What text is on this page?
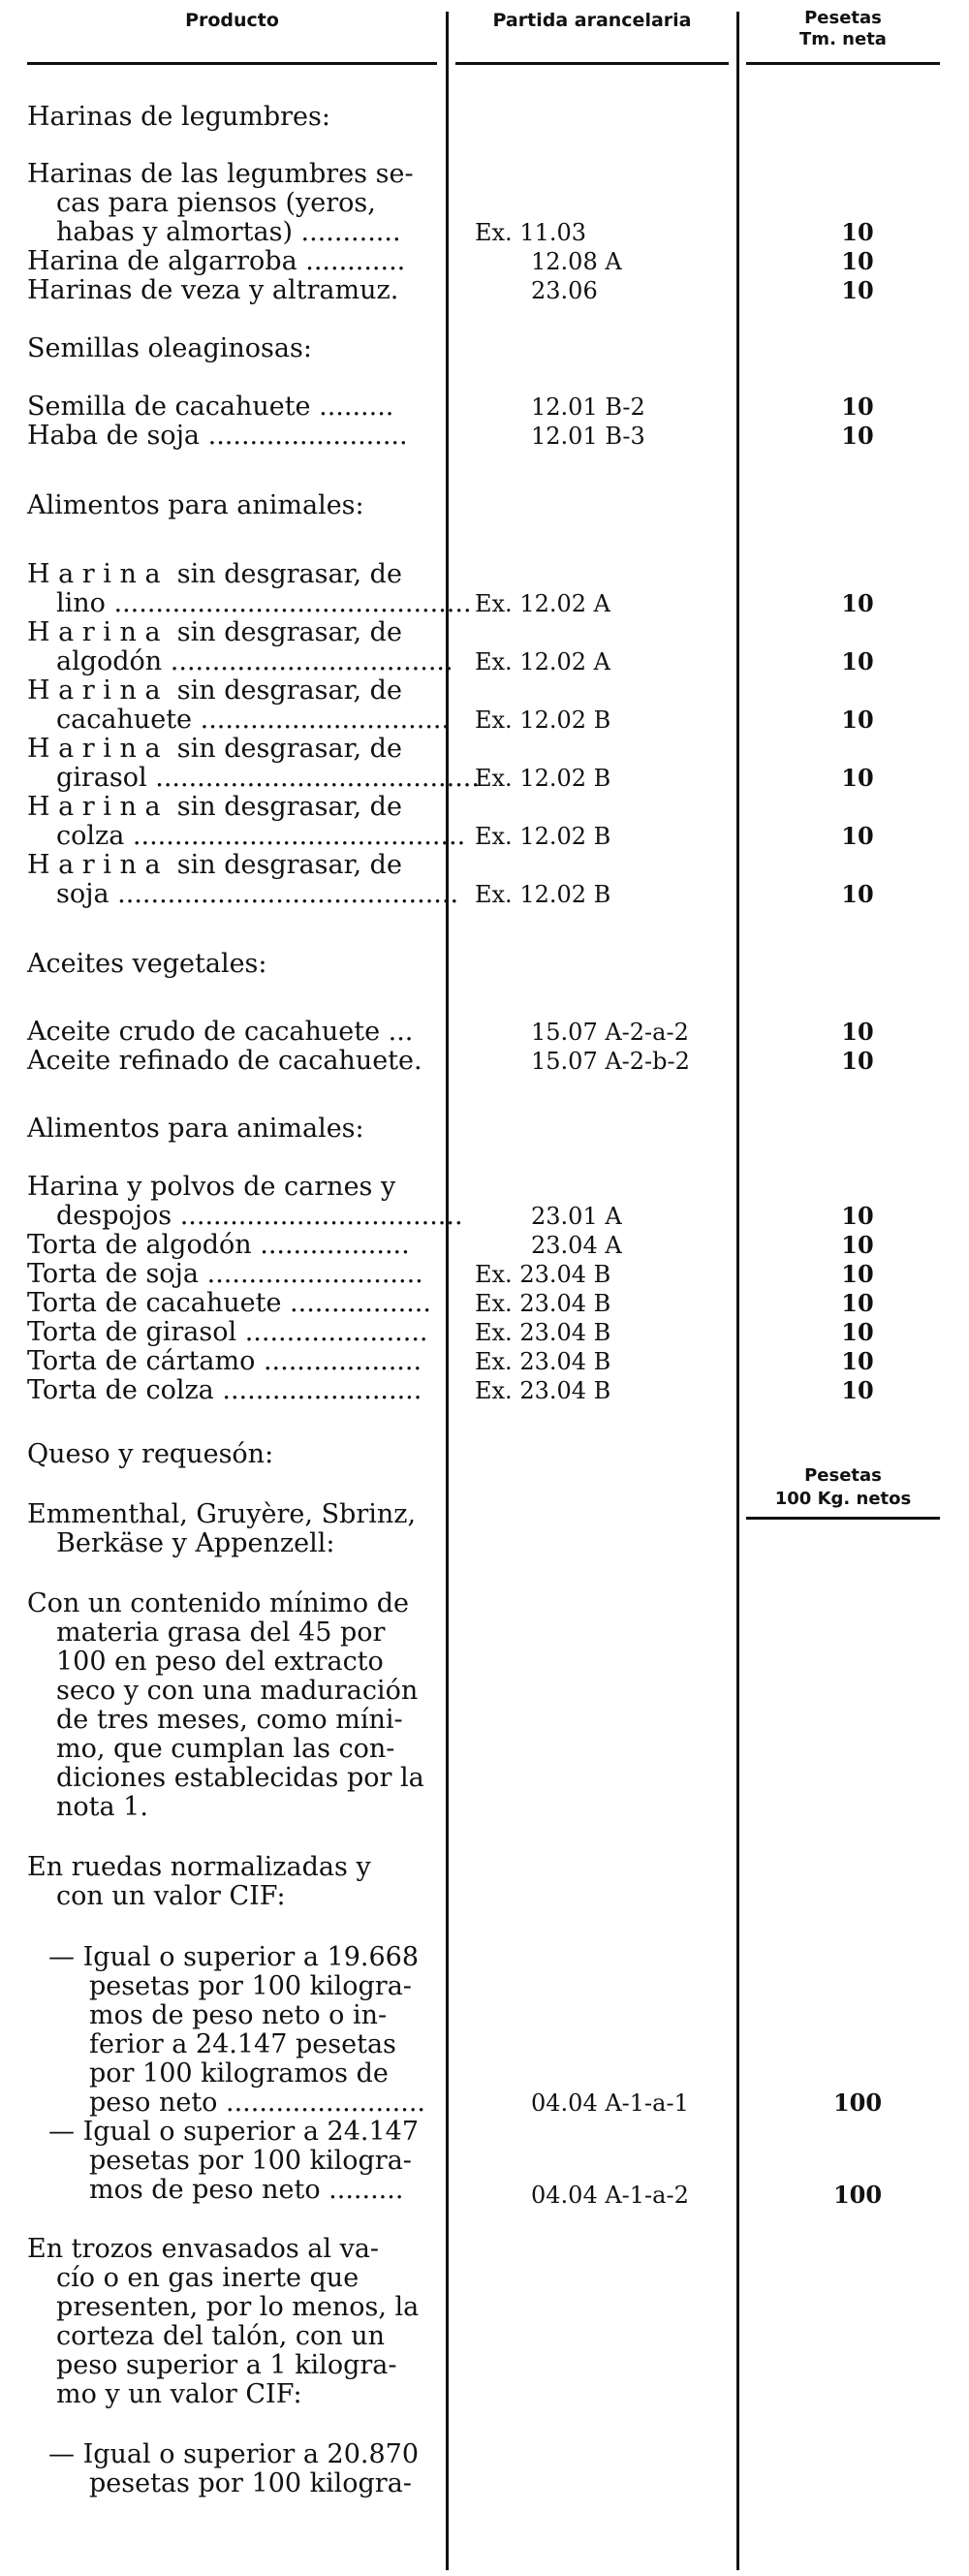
Producto	Partida arancelaria	Pesetas
Tm. neta
Pesetas
100 Kg. netos
Harinas de legumbres:
Harinas de las legumbres se-
cas para piensos (yeros,
habas y almortas) ............
Harina de algarroba ............
Harinas de veza y altramuz.
Semillas oleaginosas:
Semilla de cacahuete .........
Haba de soja ........................
Alimentos para animales:
H a r i n a  sin desgrasar, de
lino ...........................................
H a r i n a  sin desgrasar, de
algodón ..................................
H a r i n a  sin desgrasar, de
cacahuete ..............................
H a r i n a  sin desgrasar, de
girasol .......................................
H a r i n a  sin desgrasar, de
colza ........................................
H a r i n a  sin desgrasar, de
soja .........................................
Aceites vegetales:
Aceite crudo de cacahuete ...
Aceite refinado de cacahuete.
Alimentos para animales:
Harina y polvos de carnes y
despojos ..................................
Torta de algodón ..................
Torta de soja ..........................
Torta de cacahuete .................
Torta de girasol ......................
Torta de cártamo ...................
Torta de colza ........................
Queso y requesón:
Emmenthal, Gruyère, Sbrinz,
Berkäse y Appenzell:
Con un contenido mínimo de
materia grasa del 45 por
100 en peso del extracto
seco y con una maduración
de tres meses, como míni-
mo, que cumplan las con-
diciones establecidas por la
nota 1.
En ruedas normalizadas y
con un valor CIF:
— Igual o superior a 19.668
pesetas por 100 kilogra-
mos de peso neto o in-
ferior a 24.147 pesetas
por 100 kilogramos de
peso neto ........................
— Igual o superior a 24.147
pesetas por 100 kilogra-
mos de peso neto .........
En trozos envasados al va-
cío o en gas inerte que
presenten, por lo menos, la
corteza del talón, con un
peso superior a 1 kilogra-
mo y un valor CIF:
— Igual o superior a 20.870
pesetas por 100 kilogra-
Ex. 11.03
12.08 A
23.06
12.01 B-2
12.01 B-3
Ex. 12.02 A
Ex. 12.02 A
Ex. 12.02 B
Ex. 12.02 B
Ex. 12.02 B
Ex. 12.02 B
15.07 A-2-a-2
15.07 A-2-b-2
23.01 A
23.04 A
Ex. 23.04 B
Ex. 23.04 B
Ex. 23.04 B
Ex. 23.04 B
Ex. 23.04 B
04.04 A-1-a-1
04.04 A-1-a-2
10
10
10
10
10
10
10
10
10
10
10
10
10
10
10
10
10
10
10
10
100
100
